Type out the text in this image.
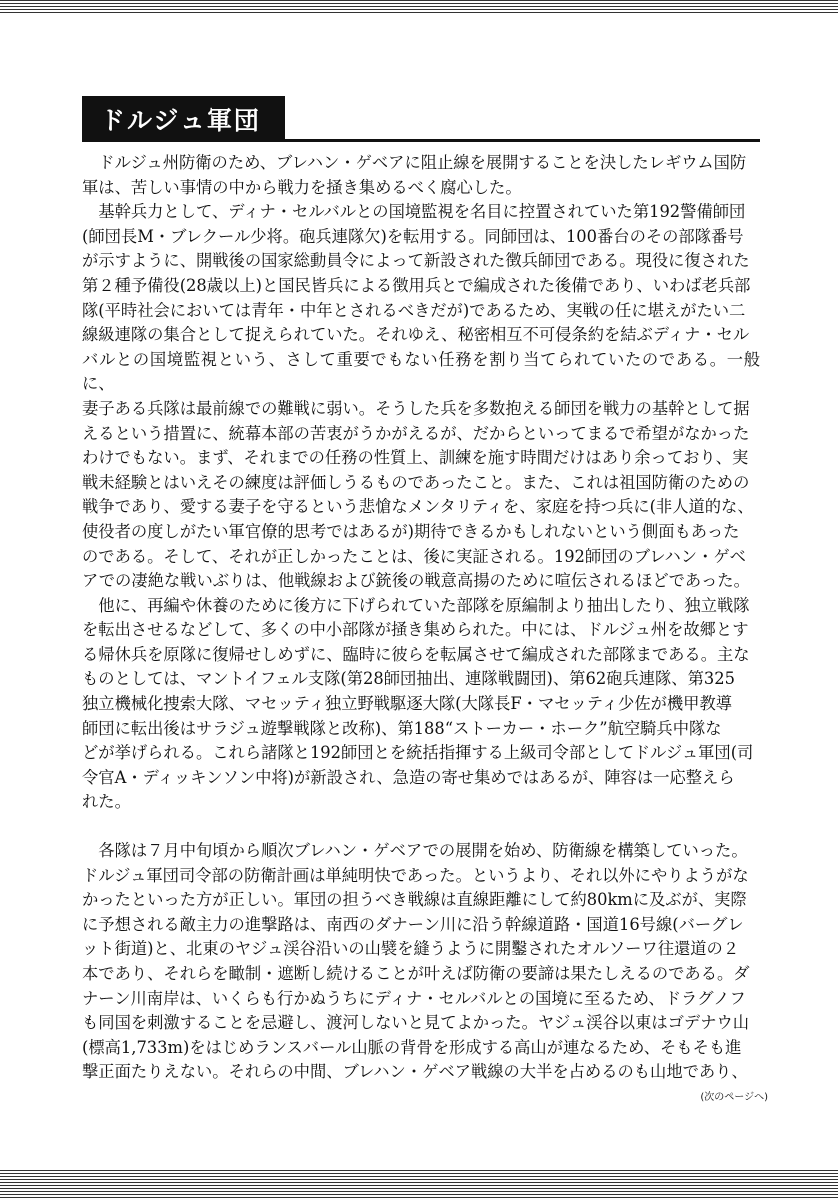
ドルジュ軍団

ドルジュ州防衛のため、ブレハン・ゲベアに阻止線を展開することを決したレギウム国防
軍は、苦しい事情の中から戦力を掻き集めるべく腐心した。

基幹兵力として、ディナ・セルバルとの国境監視を名目に控置されていた第192警備師団
(師団長M・ブレクール少将。砲兵連隊欠)を転用する。同師団は、100番台のその部隊番号
が示すように、開戦後の国家総動員令によって新設された徴兵師団である。現役に復された
第２種予備役(28歳以上)と国民皆兵による徴用兵とで編成された後備であり、いわば老兵部
隊(平時社会においては青年・中年とされるべきだが)であるため、実戦の任に堪えがたい二
線級連隊の集合として捉えられていた。それゆえ、秘密相互不可侵条約を結ぶディナ・セル
バルとの国境監視という、さして重要でもない任務を割り当てられていたのである。一般に、
妻子ある兵隊は最前線での難戦に弱い。そうした兵を多数抱える師団を戦力の基幹として据
えるという措置に、統幕本部の苦衷がうかがえるが、だからといってまるで希望がなかった
わけでもない。まず、それまでの任務の性質上、訓練を施す時間だけはあり余っており、実
戦未経験とはいえその練度は評価しうるものであったこと。また、これは祖国防衛のための
戦争であり、愛する妻子を守るという悲愴なメンタリティを、家庭を持つ兵に(非人道的な、
使役者の度しがたい軍官僚的思考ではあるが)期待できるかもしれないという側面もあった
のである。そして、それが正しかったことは、後に実証される。192師団のブレハン・ゲベ
アでの凄絶な戦いぶりは、他戦線および銃後の戦意高揚のために喧伝されるほどであった。

他に、再編や休養のために後方に下げられていた部隊を原編制より抽出したり、独立戦隊
を転出させるなどして、多くの中小部隊が掻き集められた。中には、ドルジュ州を故郷とす
る帰休兵を原隊に復帰せしめずに、臨時に彼らを転属させて編成された部隊まである。主な
ものとしては、マントイフェル支隊(第28師団抽出、連隊戦闘団)、第62砲兵連隊、第325
独立機械化捜索大隊、マセッティ独立野戦駆逐大隊(大隊長F・マセッティ少佐が機甲教導
師団に転出後はサラジュ遊撃戦隊と改称)、第188“ストーカー・ホーク”航空騎兵中隊な
どが挙げられる。これら諸隊と192師団とを統括指揮する上級司令部としてドルジュ軍団(司
令官A・ディッキンソン中将)が新設され、急造の寄せ集めではあるが、陣容は一応整えら
れた。

各隊は７月中旬頃から順次ブレハン・ゲベアでの展開を始め、防衛線を構築していった。
ドルジュ軍団司令部の防衛計画は単純明快であった。というより、それ以外にやりようがな
かったといった方が正しい。軍団の担うべき戦線は直線距離にして約80kmに及ぶが、実際
に予想される敵主力の進撃路は、南西のダナーン川に沿う幹線道路・国道16号線(バーグレ
ット街道)と、北東のヤジュ渓谷沿いの山襞を縫うように開鑿されたオルソーワ往還道の２
本であり、それらを瞰制・遮断し続けることが叶えば防衛の要諦は果たしえるのである。ダ
ナーン川南岸は、いくらも行かぬうちにディナ・セルバルとの国境に至るため、ドラグノフ
も同国を刺激することを忌避し、渡河しないと見てよかった。ヤジュ渓谷以東はゴデナウ山
(標高1,733m)をはじめランスバール山脈の背骨を形成する高山が連なるため、そもそも進
撃正面たりえない。それらの中間、ブレハン・ゲベア戦線の大半を占めるのも山地であり、

(次のページへ)
